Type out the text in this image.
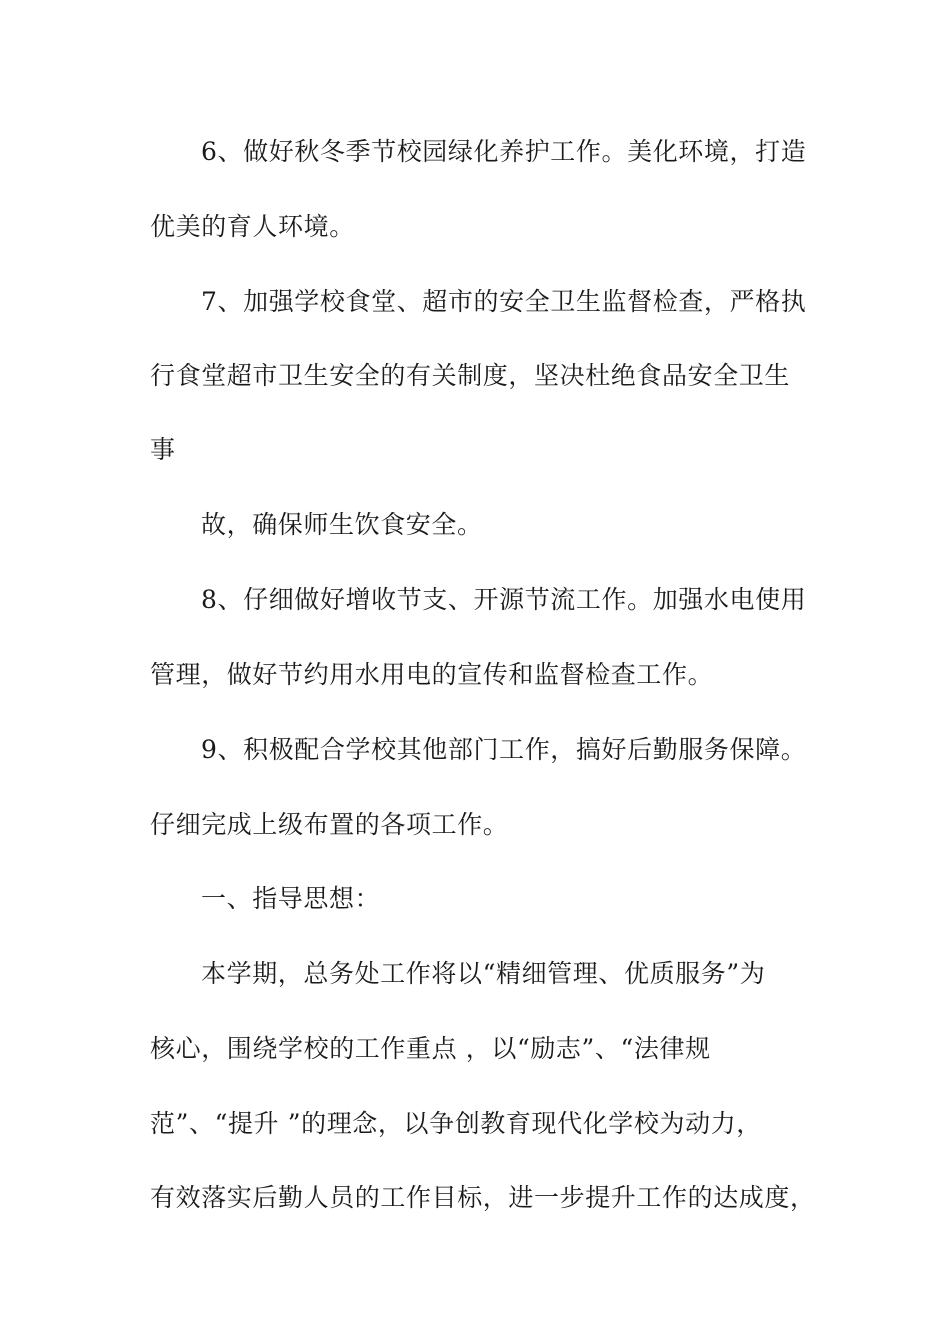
6、做好秋冬季节校园绿化养护工作。美化环境，打造

优美的育人环境。

7、加强学校食堂、超市的安全卫生监督检查，严格执

行食堂超市卫生安全的有关制度，坚决杜绝食品安全卫生

事

故，确保师生饮食安全。

8、仔细做好增收节支、开源节流工作。加强水电使用

管理，做好节约用水用电的宣传和监督检查工作。

9、积极配合学校其他部门工作，搞好后勤服务保障。

仔细完成上级布置的各项工作。

一、指导思想：

本学期，总务处工作将以“精细管理、优质服务”为

核心，围绕学校的工作重点 ，以“励志”、“法律规

范”、“提升 ”的理念，以争创教育现代化学校为动力，

有效落实后勤人员的工作目标，进一步提升工作的达成度，
